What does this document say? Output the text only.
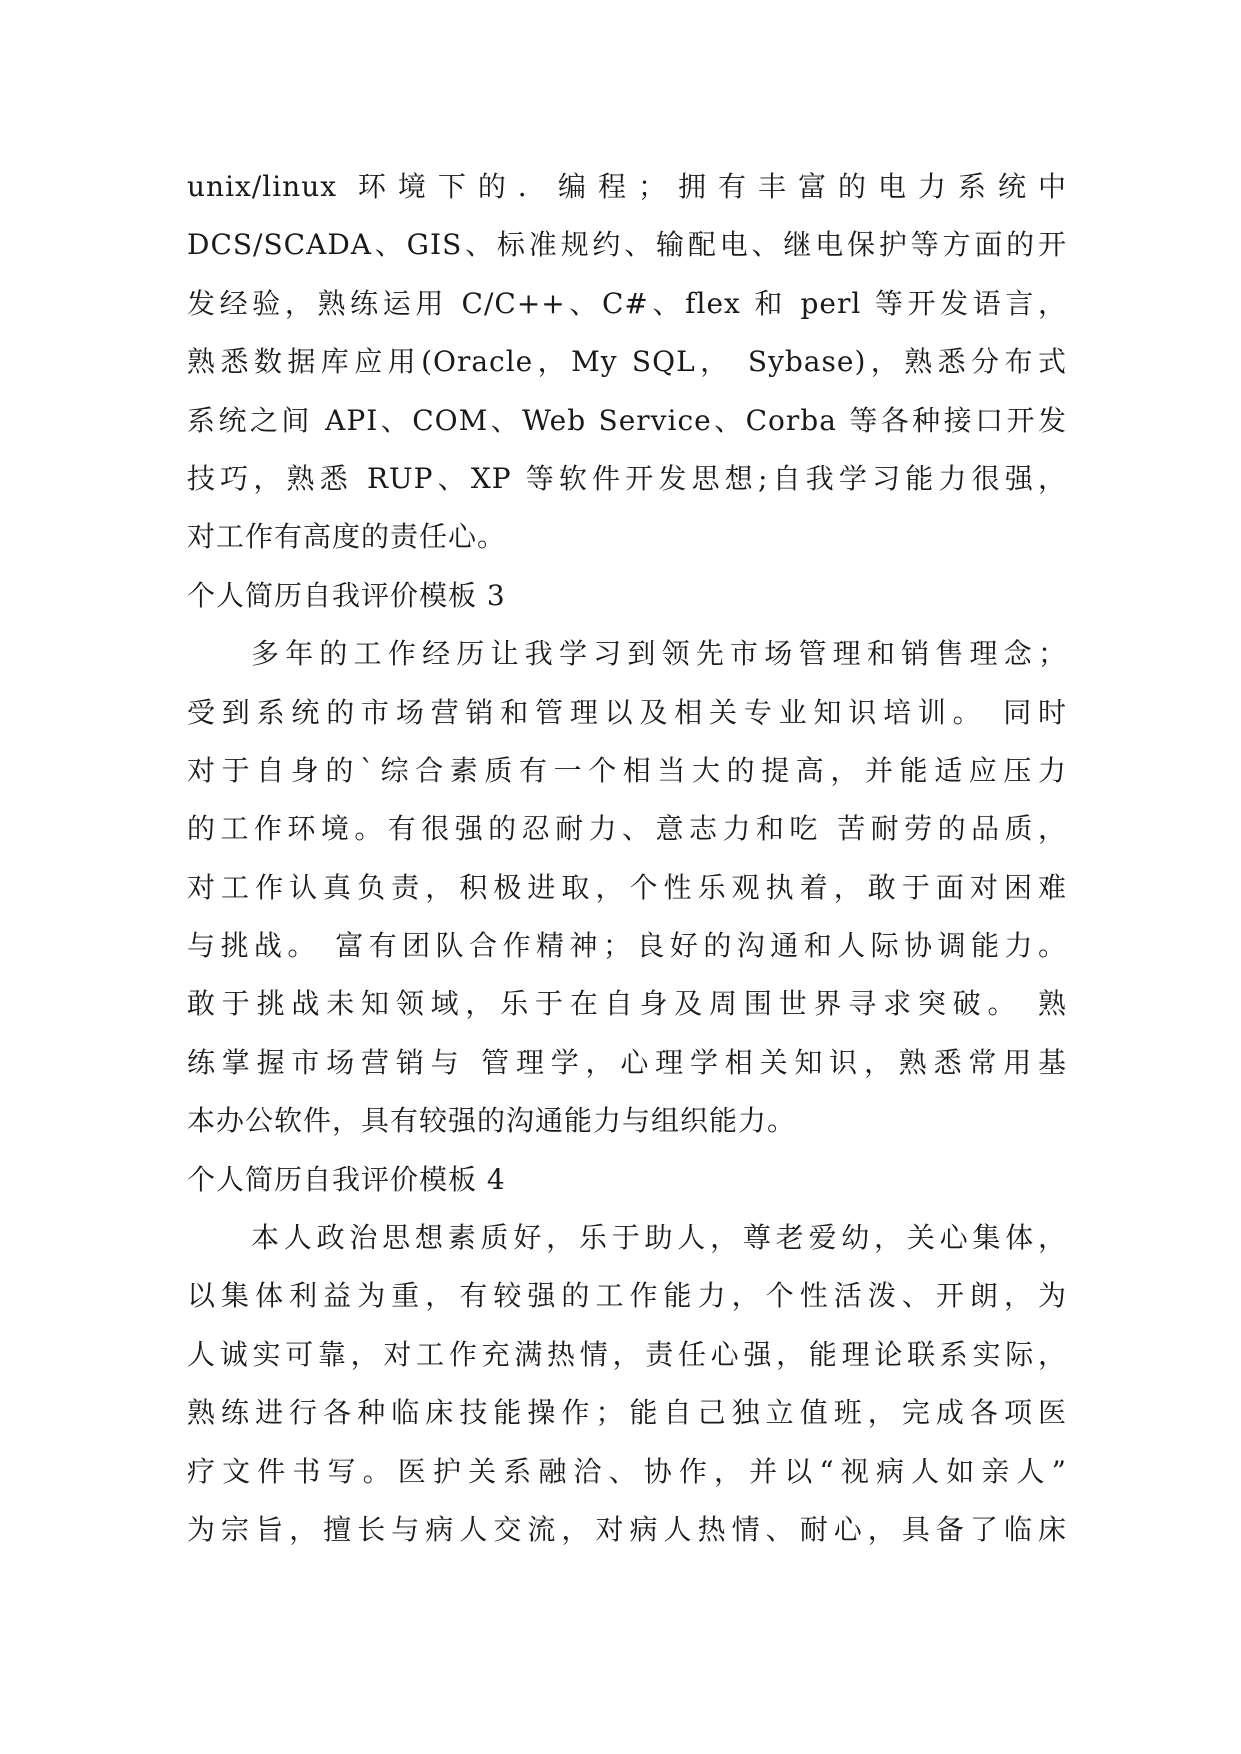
unix/linux 环境下的．编程；拥有丰富的电力系统中
DCS/SCADA、GIS、标准规约、输配电、继电保护等方面的开
发经验，熟练运用 C/C++、C#、flex 和 perl 等开发语言，
熟悉数据库应用(Oracle，My SQL， Sybase)，熟悉分布式
系统之间 API、COM、Web Service、Corba 等各种接口开发
技巧，熟悉 RUP、XP 等软件开发思想;自我学习能力很强，
对工作有高度的责任心。
个人简历自我评价模板 3
多年的工作经历让我学习到领先市场管理和销售理念；
受到系统的市场营销和管理以及相关专业知识培训。 同时
对于自身的`综合素质有一个相当大的提高，并能适应压力
的工作环境。有很强的忍耐力、意志力和吃 苦耐劳的品质，
对工作认真负责，积极进取，个性乐观执着，敢于面对困难
与挑战。 富有团队合作精神；良好的沟通和人际协调能力。
敢于挑战未知领域，乐于在自身及周围世界寻求突破。 熟
练掌握市场营销与 管理学，心理学相关知识，熟悉常用基
本办公软件，具有较强的沟通能力与组织能力。
个人简历自我评价模板 4
本人政治思想素质好，乐于助人，尊老爱幼，关心集体，
以集体利益为重，有较强的工作能力，个性活泼、开朗，为
人诚实可靠，对工作充满热情，责任心强，能理论联系实际，
熟练进行各种临床技能操作；能自己独立值班，完成各项医
疗文件书写。医护关系融洽、协作，并以“视病人如亲人”
为宗旨，擅长与病人交流，对病人热情、耐心，具备了临床
